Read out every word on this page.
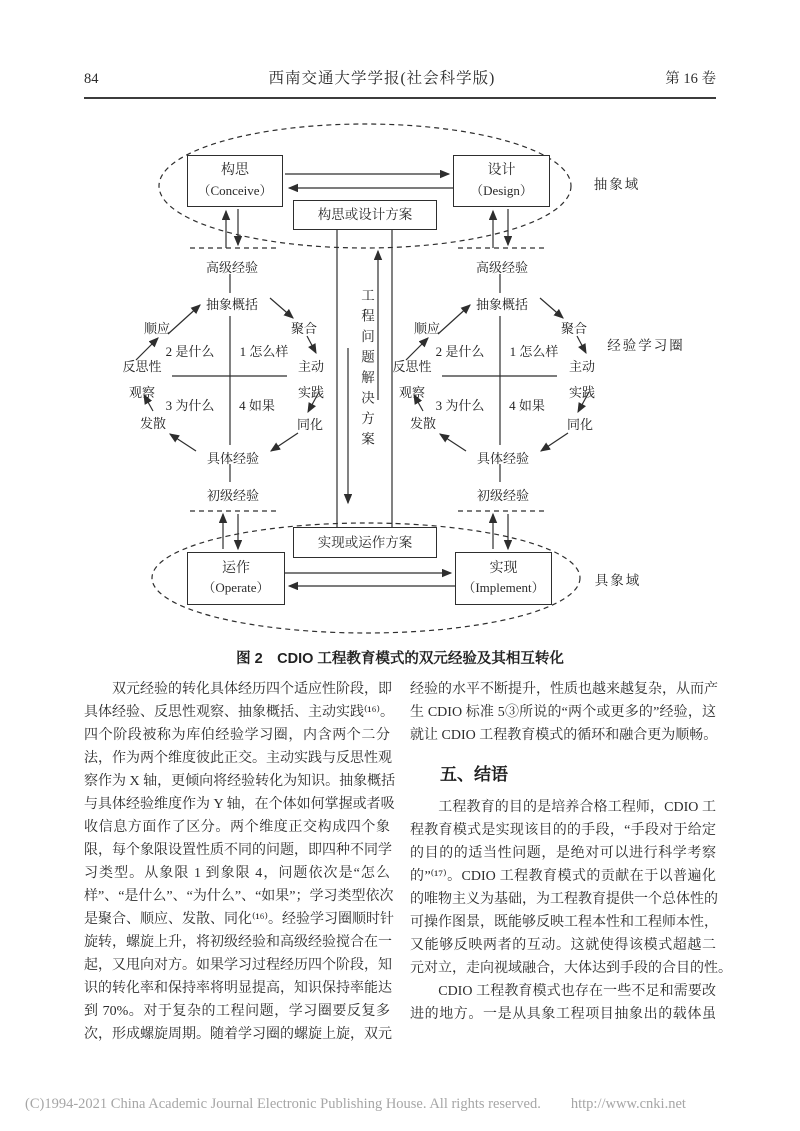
84	西南交通大学学报(社会科学版)	第 16 卷
构思
（Conceive）
设计
（Design）
构思或设计方案
实现或运作方案
运作
（Operate）
实现
（Implement）
工程问题解决方案
抽象域
具象域
经验学习圈
高级经验
抽象概括
顺应	聚合
反思性
观察
主动
实践
发散	同化
具体经验
初级经验
2 是什么 1 怎么样
3 为什么 4 如果
高级经验
抽象概括
顺应	聚合
反思性
观察
主动
实践
发散	同化
具体经验
初级经验
2 是什么 1 怎么样
3 为什么 4 如果
图 2　CDIO 工程教育模式的双元经验及其相互转化
　　双元经验的转化具体经历四个适应性阶段，即
具体经验、反思性观察、抽象概括、主动实践⁽¹⁶⁾。
四个阶段被称为库伯经验学习圈，内含两个二分
法，作为两个维度彼此正交。主动实践与反思性观
察作为 X 轴，更倾向将经验转化为知识。抽象概括
与具体经验维度作为 Y 轴，在个体如何掌握或者吸
收信息方面作了区分。两个维度正交构成四个象
限，每个象限设置性质不同的问题，即四种不同学
习类型。从象限 1 到象限 4，问题依次是“怎么
样”、“是什么”、“为什么”、“如果”；学习类型依次
是聚合、顺应、发散、同化⁽¹⁶⁾。经验学习圈顺时针
旋转，螺旋上升，将初级经验和高级经验搅合在一
起，又甩向对方。如果学习过程经历四个阶段，知
识的转化率和保持率将明显提高，知识保持率能达
到 70%。对于复杂的工程问题，学习圈要反复多
次，形成螺旋周期。随着学习圈的螺旋上旋，双元
经验的水平不断提升，性质也越来越复杂，从而产
生 CDIO 标准 5③所说的“两个或更多的”经验，这
就让 CDIO 工程教育模式的循环和融合更为顺畅。
五、结语
　　工程教育的目的是培养合格工程师，CDIO 工
程教育模式是实现该目的的手段，“手段对于给定
的目的的适当性问题，是绝对可以进行科学考察
的”⁽¹⁷⁾。CDIO 工程教育模式的贡献在于以普遍化
的唯物主义为基础，为工程教育提供一个总体性的
可操作图景，既能够反映工程本性和工程师本性，
又能够反映两者的互动。这就使得该模式超越二
元对立，走向视域融合，大体达到手段的合目的性。
　　CDIO 工程教育模式也存在一些不足和需要改
进的地方。一是从具象工程项目抽象出的载体虽
(C)1994-2021 China Academic Journal Electronic Publishing House. All rights reserved. http://www.cnki.net
